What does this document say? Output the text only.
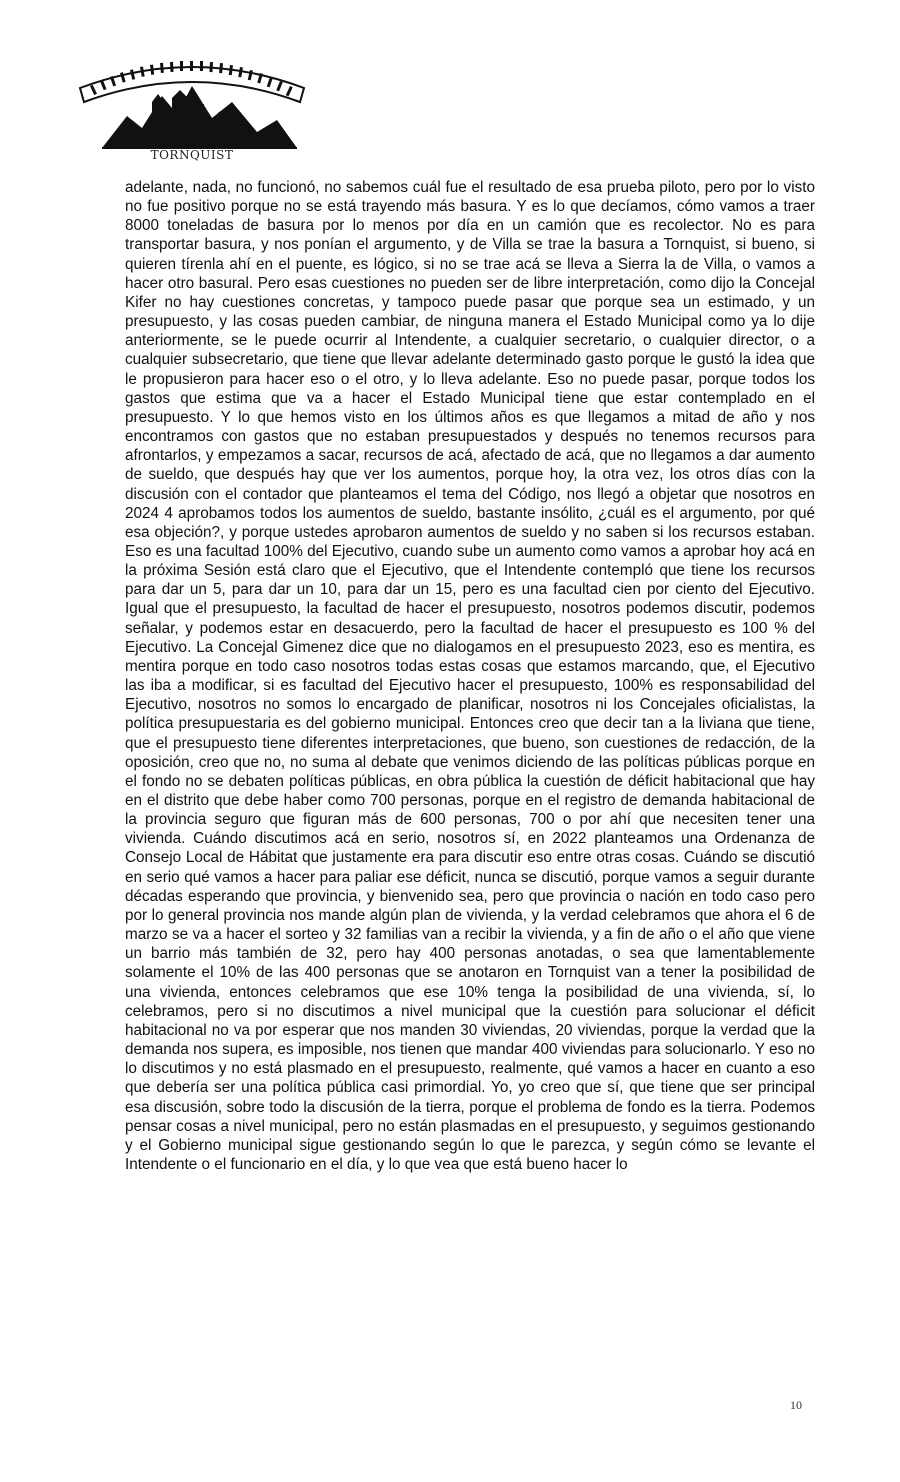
TORNQUIST

adelante, nada, no funcionó, no sabemos cuál fue el resultado de esa prueba piloto, pero por lo visto no fue positivo porque no se está trayendo más basura. Y es lo que decíamos, cómo vamos a traer 8000 toneladas de basura por lo menos por día en un camión que es recolector. No es para transportar basura, y nos ponían el argumento, y de Villa se trae la basura a Tornquist, si bueno, si quieren tírenla ahí en el puente, es lógico, si no se trae acá se lleva a Sierra la de Villa, o vamos a hacer otro basural. Pero esas cuestiones no pueden ser de libre interpretación, como dijo la Concejal Kifer no hay cuestiones concretas, y tampoco puede pasar que porque sea un estimado, y un presupuesto, y las cosas pueden cambiar, de ninguna manera el Estado Municipal como ya lo dije anteriormente, se le puede ocurrir al Intendente, a cualquier secretario, o cualquier director, o a cualquier subsecretario, que tiene que llevar adelante determinado gasto porque le gustó la idea que le propusieron para hacer eso o el otro, y lo lleva adelante. Eso no puede pasar, porque todos los gastos que estima que va a hacer el Estado Municipal tiene que estar contemplado en el presupuesto. Y lo que hemos visto en los últimos años es que llegamos a mitad de año y nos encontramos con gastos que no estaban presupuestados y después no tenemos recursos para afrontarlos, y empezamos a sacar, recursos de acá, afectado de acá, que no llegamos a dar aumento de sueldo, que después hay que ver los aumentos, porque hoy, la otra vez, los otros días con la discusión con el contador que planteamos el tema del Código, nos llegó a objetar que nosotros en 2024 4 aprobamos todos los aumentos de sueldo, bastante insólito, ¿cuál es el argumento, por qué esa objeción?, y porque ustedes aprobaron aumentos de sueldo y no saben si los recursos estaban. Eso es una facultad 100% del Ejecutivo, cuando sube un aumento como vamos a aprobar hoy acá en la próxima Sesión está claro que el Ejecutivo, que el Intendente contempló que tiene los recursos para dar un 5, para dar un 10, para dar un 15, pero es una facultad cien por ciento del Ejecutivo. Igual que el presupuesto, la facultad de hacer el presupuesto, nosotros podemos discutir, podemos señalar, y podemos estar en desacuerdo, pero la facultad de hacer el presupuesto es 100 % del Ejecutivo. La Concejal Gimenez dice que no dialogamos en el presupuesto 2023, eso es mentira, es mentira porque en todo caso nosotros todas estas cosas que estamos marcando, que, el Ejecutivo las iba a modificar, si es facultad del Ejecutivo hacer el presupuesto, 100% es responsabilidad del Ejecutivo, nosotros no somos lo encargado de planificar, nosotros ni los Concejales oficialistas, la política presupuestaria es del gobierno municipal. Entonces creo que decir tan a la liviana que tiene, que el presupuesto tiene diferentes interpretaciones, que bueno, son cuestiones de redacción, de la oposición, creo que no, no suma al debate que venimos diciendo de las políticas públicas porque en el fondo no se debaten políticas públicas, en obra pública la cuestión de déficit habitacional que hay en el distrito que debe haber como 700 personas, porque en el registro de demanda habitacional de la provincia seguro que figuran más de 600 personas, 700 o por ahí que necesiten tener una vivienda. Cuándo discutimos acá en serio, nosotros sí, en 2022 planteamos una Ordenanza de Consejo Local de Hábitat que justamente era para discutir eso entre otras cosas. Cuándo se discutió en serio qué vamos a hacer para paliar ese déficit, nunca se discutió, porque vamos a seguir durante décadas esperando que provincia, y bienvenido sea, pero que provincia o nación en todo caso pero por lo general provincia nos mande algún plan de vivienda, y la verdad celebramos que ahora el 6 de marzo se va a hacer el sorteo y 32 familias van a recibir la vivienda, y a fin de año o el año que viene un barrio más también de 32, pero hay 400 personas anotadas, o sea que lamentablemente solamente el 10% de las 400 personas que se anotaron en Tornquist van a tener la posibilidad de una vivienda, entonces celebramos que ese 10% tenga la posibilidad de una vivienda, sí, lo celebramos, pero si no discutimos a nivel municipal que la cuestión para solucionar el déficit habitacional no va por esperar que nos manden 30 viviendas, 20 viviendas, porque la verdad que la demanda nos supera, es imposible, nos tienen que mandar 400 viviendas para solucionarlo. Y eso no lo discutimos y no está plasmado en el presupuesto, realmente, qué vamos a hacer en cuanto a eso que debería ser una política pública casi primordial. Yo, yo creo que sí, que tiene que ser principal esa discusión, sobre todo la discusión de la tierra, porque el problema de fondo es la tierra. Podemos pensar cosas a nivel municipal, pero no están plasmadas en el presupuesto, y seguimos gestionando y el Gobierno municipal sigue gestionando según lo que le parezca, y según cómo se levante el Intendente o el funcionario en el día, y lo que vea que está bueno hacer lo

10
